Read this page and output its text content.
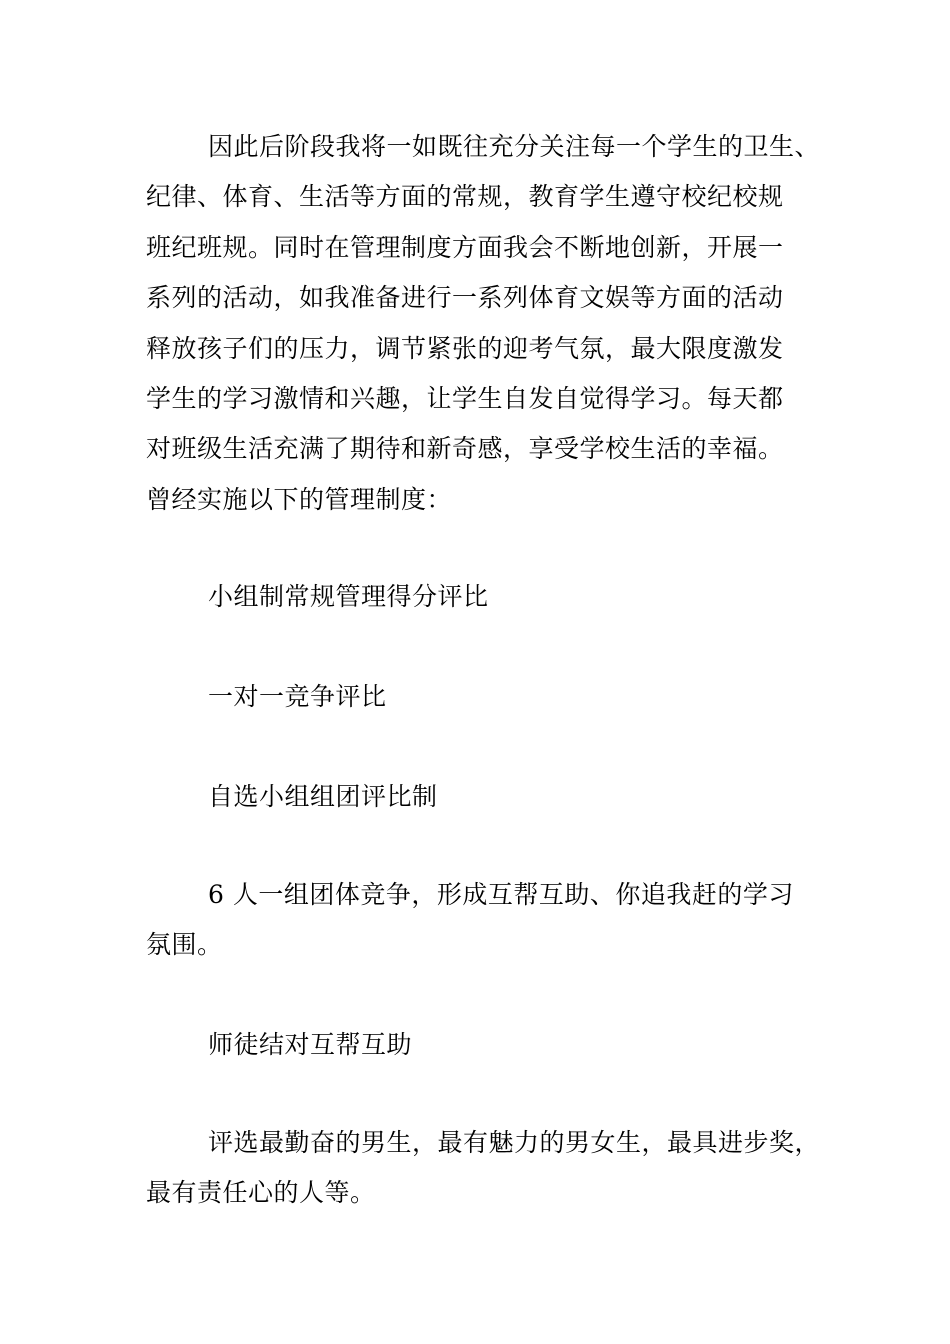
因此后阶段我将一如既往充分关注每一个学生的卫生、
纪律、体育、生活等方面的常规，教育学生遵守校纪校规
班纪班规。同时在管理制度方面我会不断地创新，开展一
系列的活动，如我准备进行一系列体育文娱等方面的活动
释放孩子们的压力，调节紧张的迎考气氛，最大限度激发
学生的学习激情和兴趣，让学生自发自觉得学习。每天都
对班级生活充满了期待和新奇感，享受学校生活的幸福。
曾经实施以下的管理制度：
小组制常规管理得分评比
一对一竞争评比
自选小组组团评比制
6 人一组团体竞争，形成互帮互助、你追我赶的学习
氛围。
师徒结对互帮互助
评选最勤奋的男生，最有魅力的男女生，最具进步奖，
最有责任心的人等。
